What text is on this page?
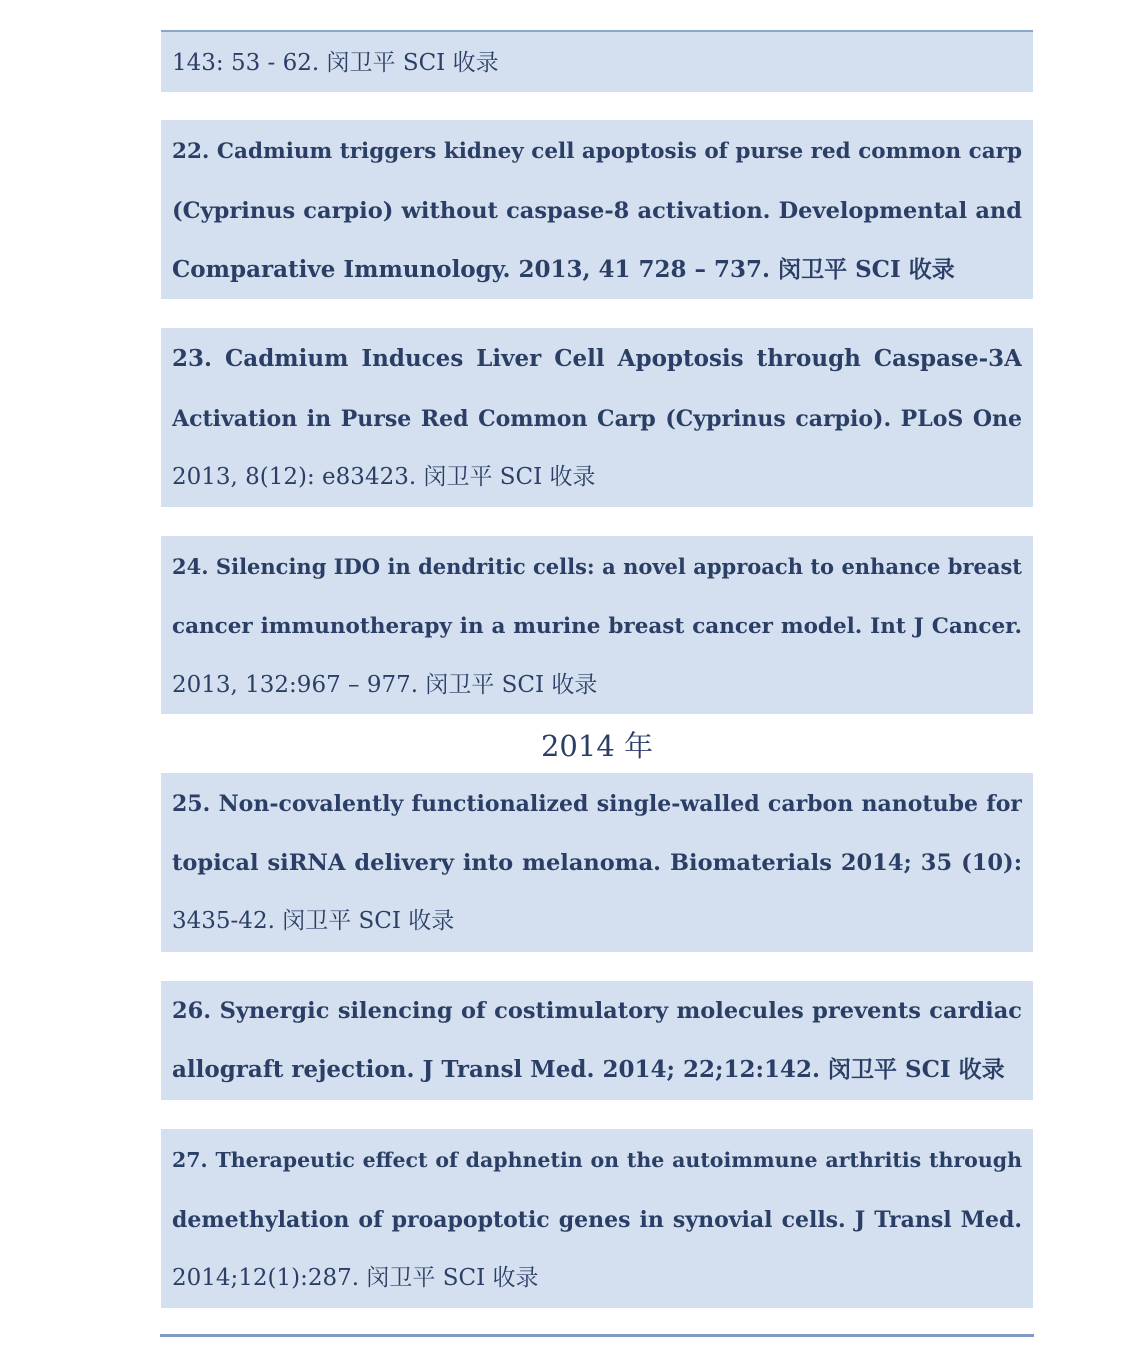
143: 53 - 62. 闵卫平 SCI 收录
22. Cadmium triggers kidney cell apoptosis of purse red common carp
(Cyprinus carpio) without caspase-8 activation. Developmental and
Comparative Immunology. 2013, 41 728 – 737. 闵卫平 SCI 收录
23. Cadmium Induces Liver Cell Apoptosis through Caspase-3A
Activation in Purse Red Common Carp (Cyprinus carpio). PLoS One
2013, 8(12): e83423. 闵卫平 SCI 收录
24. Silencing IDO in dendritic cells: a novel approach to enhance breast
cancer immunotherapy in a murine breast cancer model. Int J Cancer.
2013, 132:967 – 977. 闵卫平 SCI 收录
2014 年
25. Non-covalently functionalized single-walled carbon nanotube for
topical siRNA delivery into melanoma. Biomaterials 2014; 35 (10):
3435-42. 闵卫平 SCI 收录
26. Synergic silencing of costimulatory molecules prevents cardiac
allograft rejection. J Transl Med. 2014; 22;12:142. 闵卫平 SCI 收录
27. Therapeutic effect of daphnetin on the autoimmune arthritis through
demethylation of proapoptotic genes in synovial cells. J Transl Med.
2014;12(1):287. 闵卫平 SCI 收录
